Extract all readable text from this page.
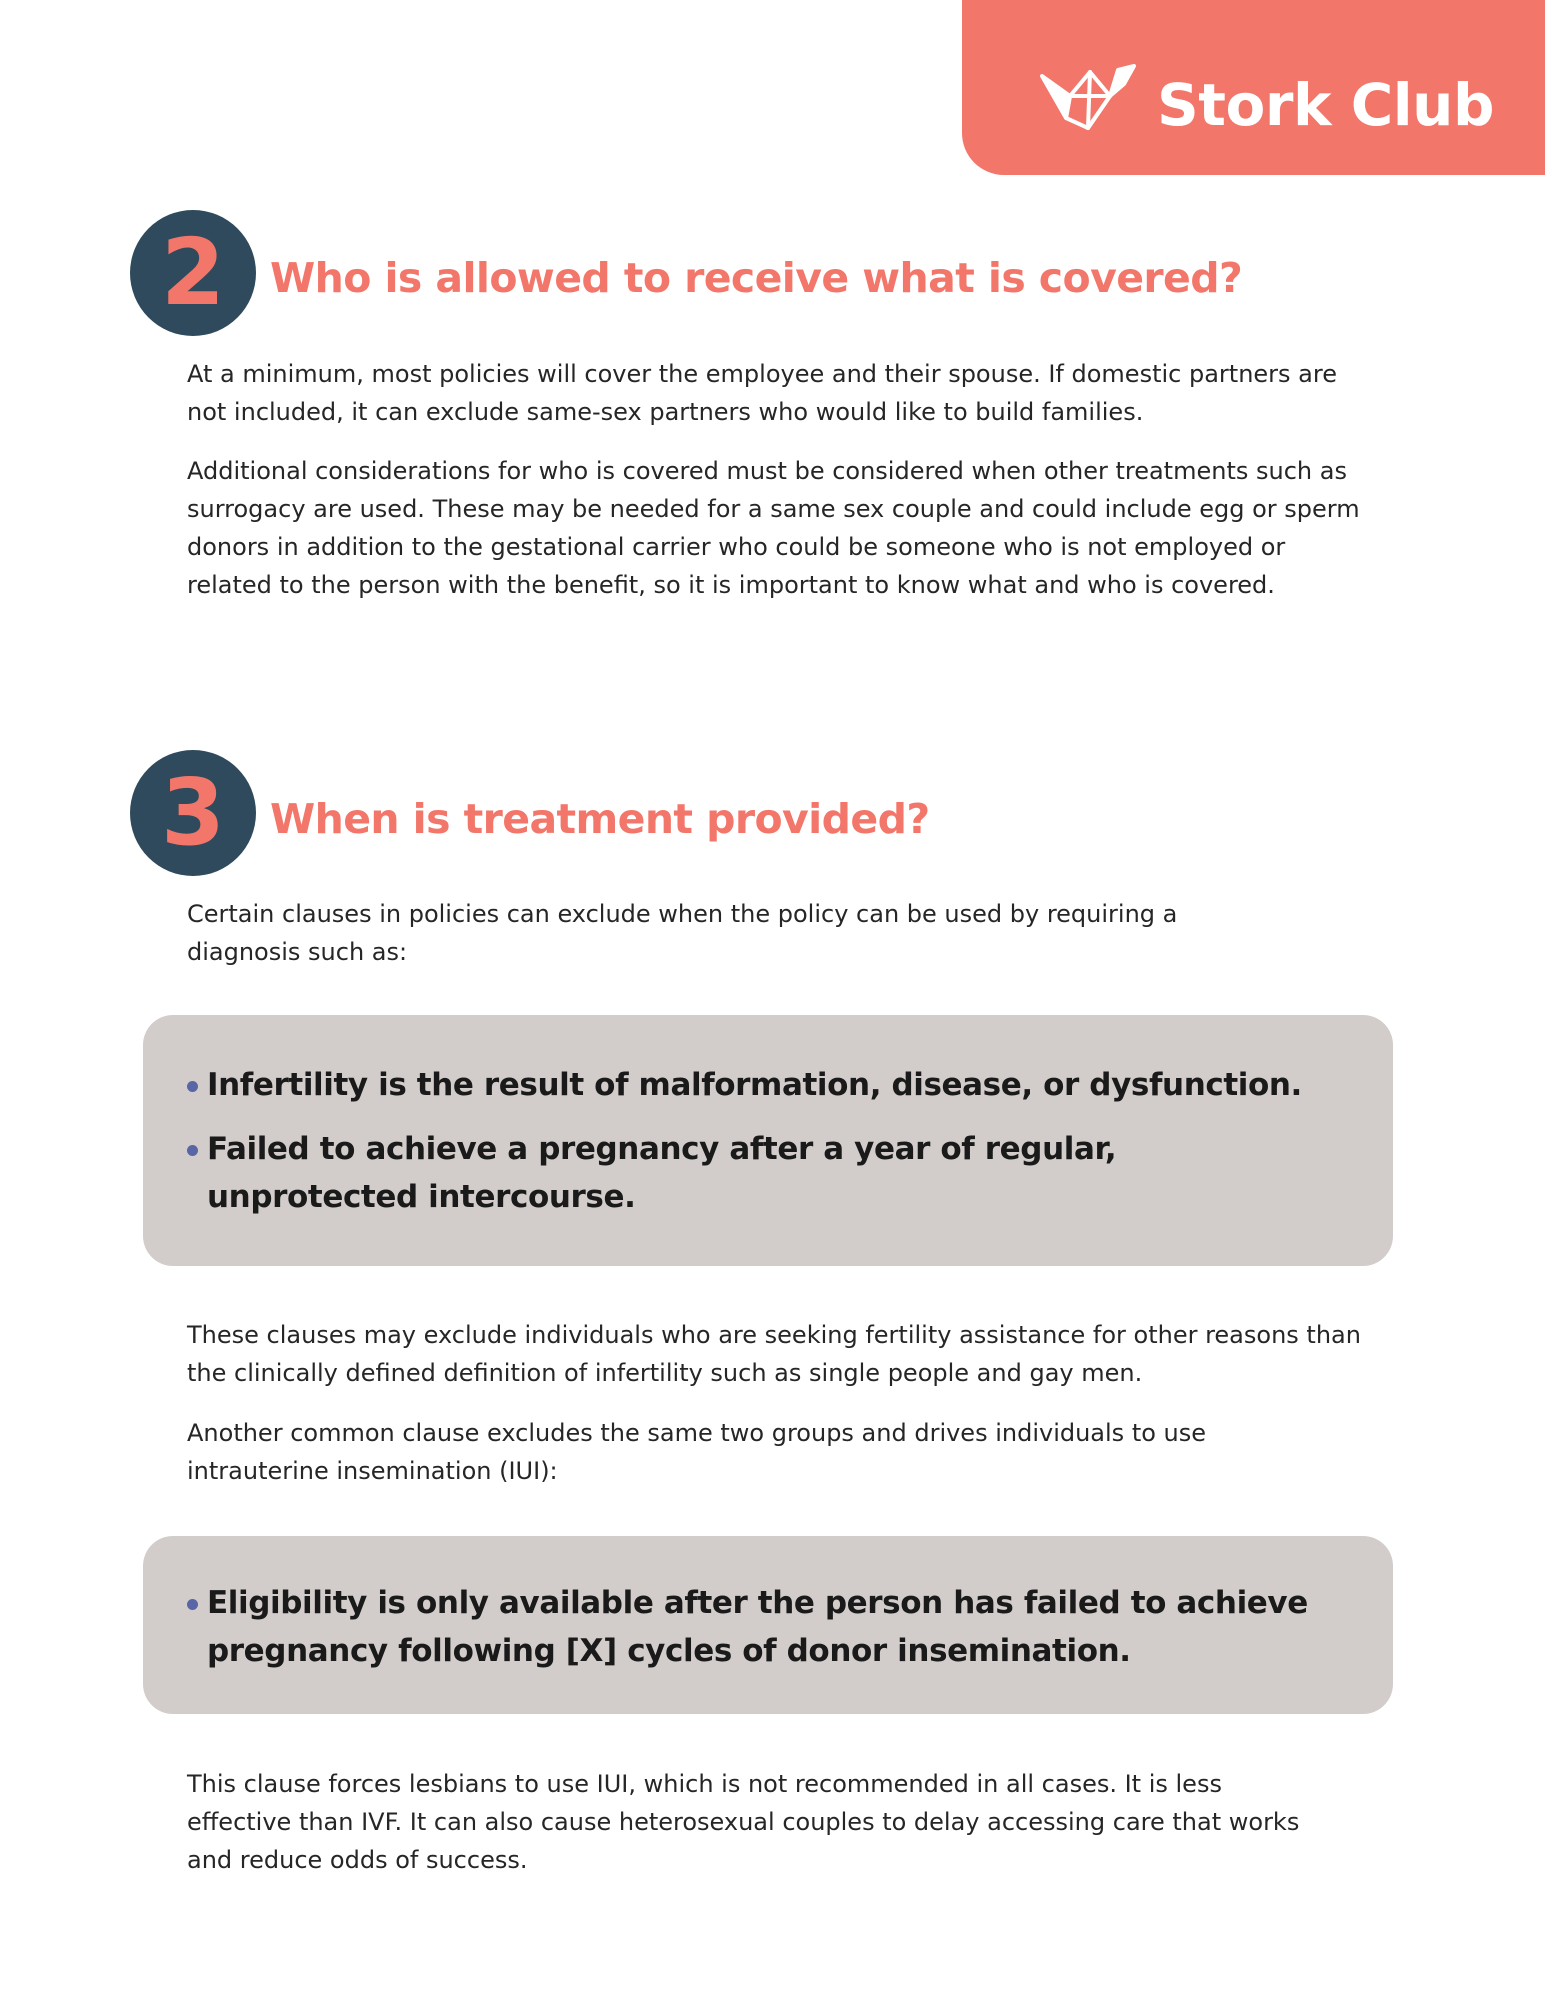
Stork Club
2	Who is allowed to receive what is covered?

At a minimum, most policies will cover the employee and their spouse. If domestic partners are not included, it can exclude same-sex partners who would like to build families.

Additional considerations for who is covered must be considered when other treatments such as surrogacy are used. These may be needed for a same sex couple and could include egg or sperm donors in addition to the gestational carrier who could be someone who is not employed or related to the person with the benefit, so it is important to know what and who is covered.

3	When is treatment provided?

Certain clauses in policies can exclude when the policy can be used by requiring a diagnosis such as:

Infertility is the result of malformation, disease, or dysfunction.
Failed to achieve a pregnancy after a year of regular, unprotected intercourse.

These clauses may exclude individuals who are seeking fertility assistance for other reasons than the clinically defined definition of infertility such as single people and gay men.

Another common clause excludes the same two groups and drives individuals to use intrauterine insemination (IUI):

Eligibility is only available after the person has failed to achieve pregnancy following [X] cycles of donor insemination.

This clause forces lesbians to use IUI, which is not recommended in all cases. It is less effective than IVF. It can also cause heterosexual couples to delay accessing care that works and reduce odds of success.
